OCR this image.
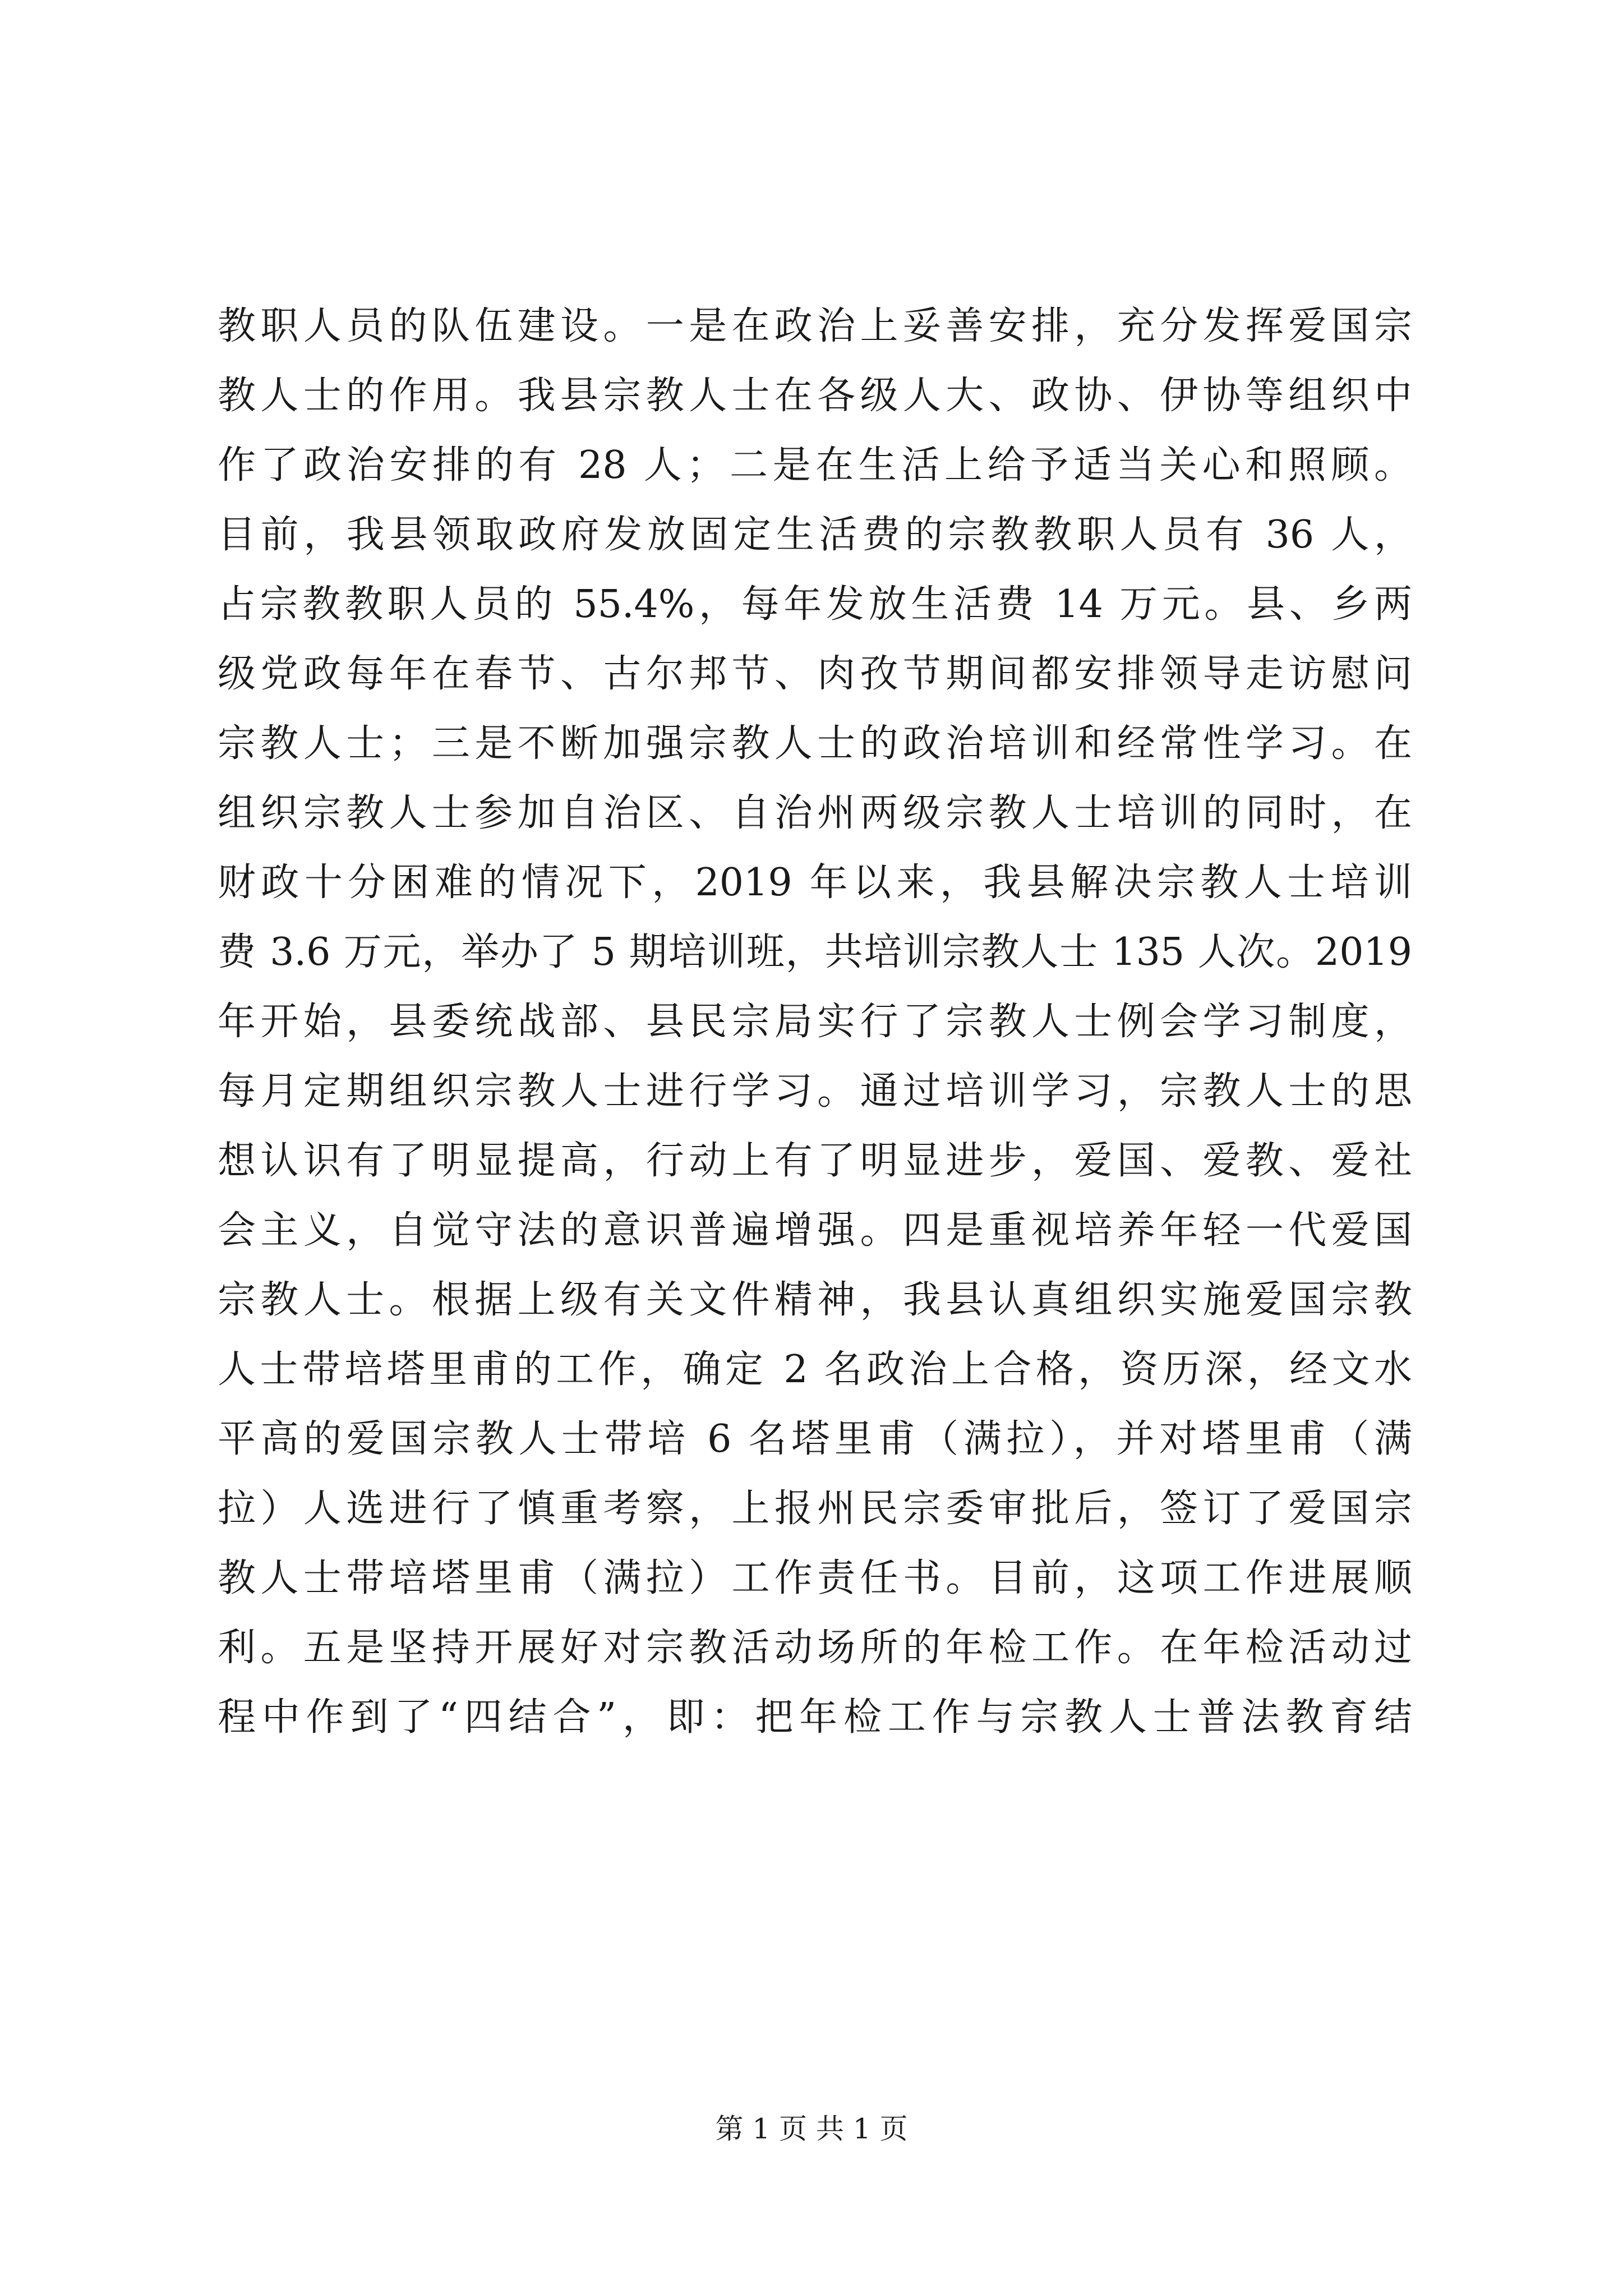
教职人员的队伍建设。一是在政治上妥善安排，充分发挥爱国宗
教人士的作用。我县宗教人士在各级人大、政协、伊协等组织中
作了政治安排的有 28 人；二是在生活上给予适当关心和照顾。
目前，我县领取政府发放固定生活费的宗教教职人员有 36 人，
占宗教教职人员的 55.4%，每年发放生活费 14 万元。县、乡两
级党政每年在春节、古尔邦节、肉孜节期间都安排领导走访慰问
宗教人士；三是不断加强宗教人士的政治培训和经常性学习。在
组织宗教人士参加自治区、自治州两级宗教人士培训的同时，在
财政十分困难的情况下，2019 年以来，我县解决宗教人士培训
费 3.6 万元，举办了 5 期培训班，共培训宗教人士 135 人次。2019
年开始，县委统战部、县民宗局实行了宗教人士例会学习制度，
每月定期组织宗教人士进行学习。通过培训学习，宗教人士的思
想认识有了明显提高，行动上有了明显进步，爱国、爱教、爱社
会主义，自觉守法的意识普遍增强。四是重视培养年轻一代爱国
宗教人士。根据上级有关文件精神，我县认真组织实施爱国宗教
人士带培塔里甫的工作，确定 2 名政治上合格，资历深，经文水
平高的爱国宗教人士带培 6 名塔里甫（满拉），并对塔里甫（满
拉）人选进行了慎重考察，上报州民宗委审批后，签订了爱国宗
教人士带培塔里甫（满拉）工作责任书。目前，这项工作进展顺
利。五是坚持开展好对宗教活动场所的年检工作。在年检活动过
程中作到了“四结合”，即：把年检工作与宗教人士普法教育结
第 1 页 共 1 页
